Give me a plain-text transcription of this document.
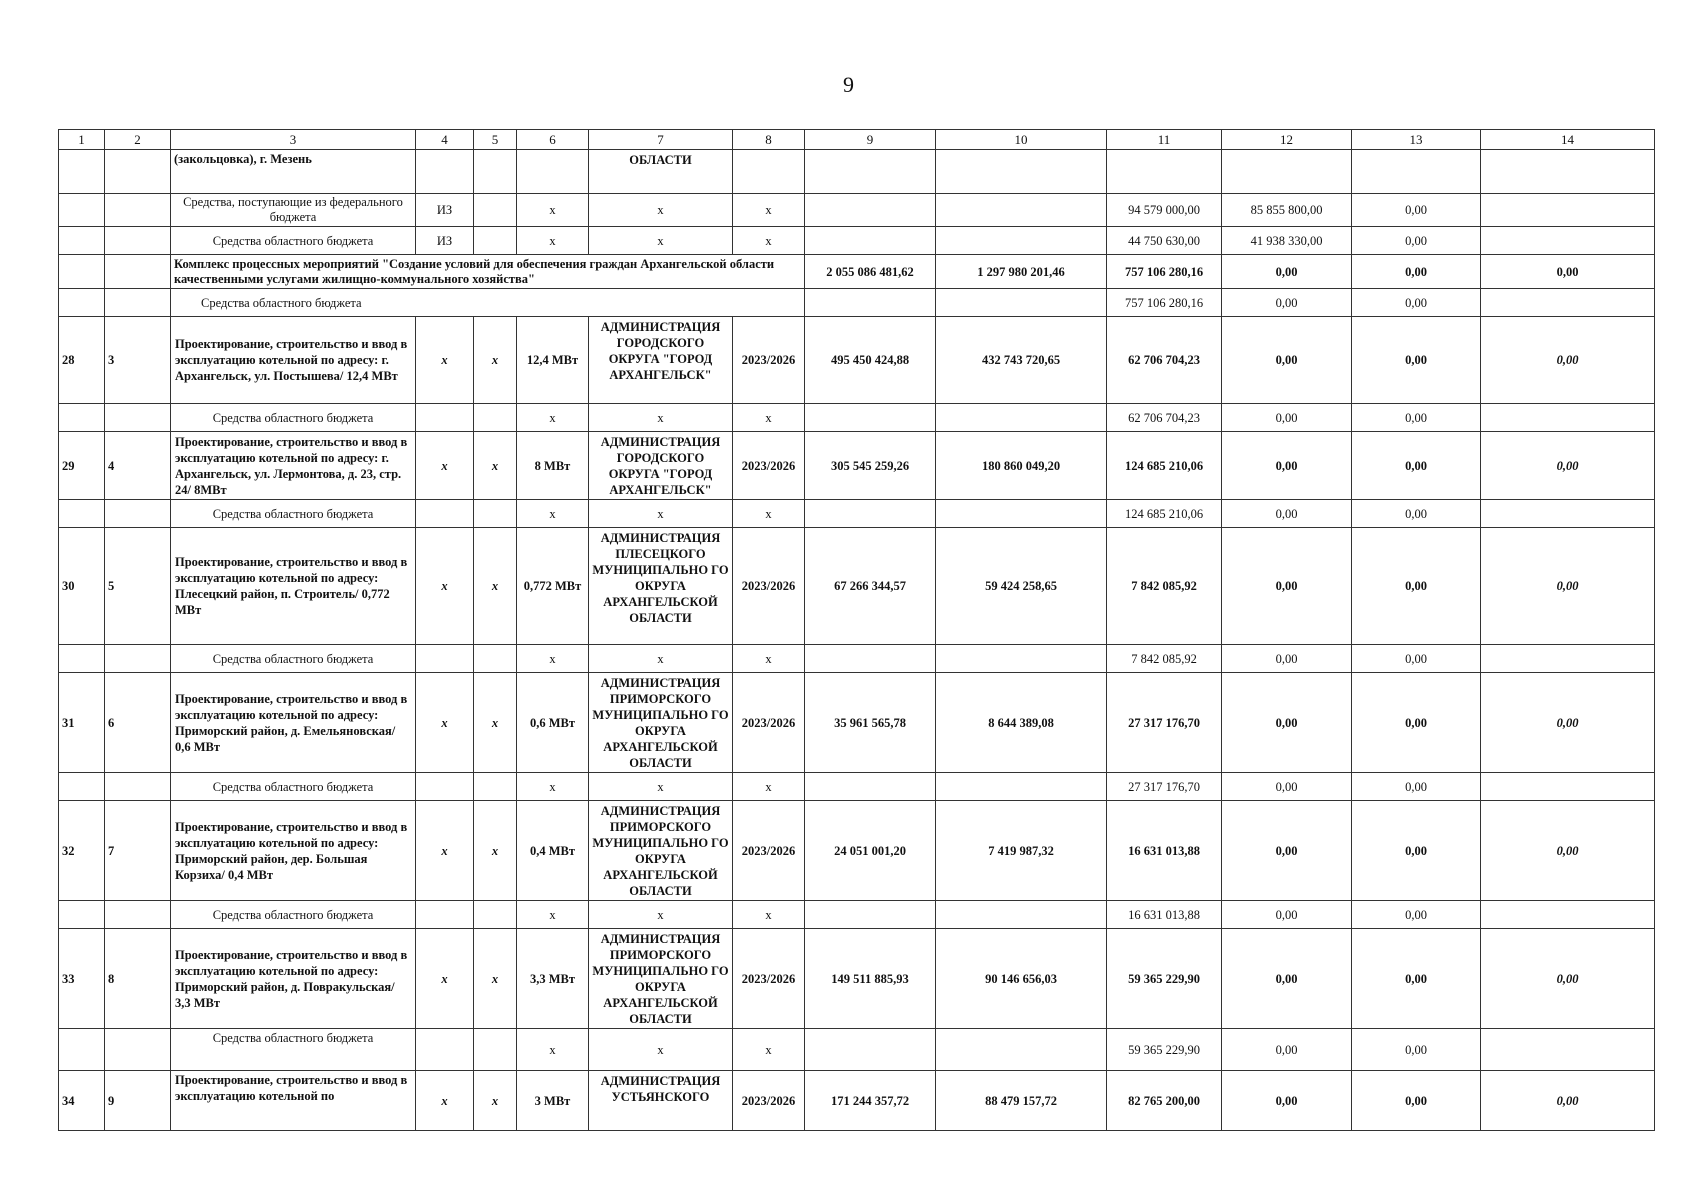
9
1	2	3	4	5	6	7	8	9	10	11	12	13	14
		(закольцовка), г. Мезень				ОБЛАСТИ							
		Средства, поступающие из федерального бюджета	ИЗ		x	x	x			94 579 000,00	85 855 800,00	0,00	
		Средства областного бюджета	ИЗ		x	x	x			44 750 630,00	41 938 330,00	0,00	
		Комплекс процессных мероприятий "Создание условий для обеспечения граждан Архангельской области качественными услугами жилищно-коммунального хозяйства"						2 055 086 481,62	1 297 980 201,46	757 106 280,16	0,00	0,00	0,00
		Средства областного бюджета								757 106 280,16	0,00	0,00	
28	3	Проектирование, строительство и ввод в эксплуатацию котельной по адресу: г. Архангельск, ул. Постышева/ 12,4 МВт	x	x	12,4 МВт	АДМИНИСТРАЦИЯ ГОРОДСКОГО ОКРУГА "ГОРОД АРХАНГЕЛЬСК"	2023/2026	495 450 424,88	432 743 720,65	62 706 704,23	0,00	0,00	0,00
		Средства областного бюджета			x	x	x			62 706 704,23	0,00	0,00	
29	4	Проектирование, строительство и ввод в эксплуатацию котельной по адресу: г. Архангельск, ул. Лермонтова, д. 23, стр. 24/ 8МВт	x	x	8 МВт	АДМИНИСТРАЦИЯ ГОРОДСКОГО ОКРУГА "ГОРОД АРХАНГЕЛЬСК"	2023/2026	305 545 259,26	180 860 049,20	124 685 210,06	0,00	0,00	0,00
		Средства областного бюджета			x	x	x			124 685 210,06	0,00	0,00	
30	5	Проектирование, строительство и ввод в эксплуатацию котельной по адресу: Плесецкий район, п. Строитель/ 0,772 МВт	x	x	0,772 МВт	АДМИНИСТРАЦИЯ ПЛЕСЕЦКОГО МУНИЦИПАЛЬНО ГО ОКРУГА АРХАНГЕЛЬСКОЙ ОБЛАСТИ	2023/2026	67 266 344,57	59 424 258,65	7 842 085,92	0,00	0,00	0,00
		Средства областного бюджета			x	x	x			7 842 085,92	0,00	0,00	
31	6	Проектирование, строительство и ввод в эксплуатацию котельной по адресу: Приморский район, д. Емельяновская/ 0,6 МВт	x	x	0,6 МВт	АДМИНИСТРАЦИЯ ПРИМОРСКОГО МУНИЦИПАЛЬНО ГО ОКРУГА АРХАНГЕЛЬСКОЙ ОБЛАСТИ	2023/2026	35 961 565,78	8 644 389,08	27 317 176,70	0,00	0,00	0,00
		Средства областного бюджета			x	x	x			27 317 176,70	0,00	0,00	
32	7	Проектирование, строительство и ввод в эксплуатацию котельной по адресу: Приморский район, дер. Большая Корзиха/ 0,4 МВт	x	x	0,4 МВт	АДМИНИСТРАЦИЯ ПРИМОРСКОГО МУНИЦИПАЛЬНО ГО ОКРУГА АРХАНГЕЛЬСКОЙ ОБЛАСТИ	2023/2026	24 051 001,20	7 419 987,32	16 631 013,88	0,00	0,00	0,00
		Средства областного бюджета			x	x	x			16 631 013,88	0,00	0,00	
33	8	Проектирование, строительство и ввод в эксплуатацию котельной по адресу: Приморский район, д. Повракульская/ 3,3 МВт	x	x	3,3 МВт	АДМИНИСТРАЦИЯ ПРИМОРСКОГО МУНИЦИПАЛЬНО ГО ОКРУГА АРХАНГЕЛЬСКОЙ ОБЛАСТИ	2023/2026	149 511 885,93	90 146 656,03	59 365 229,90	0,00	0,00	0,00
		Средства областного бюджета			x	x	x			59 365 229,90	0,00	0,00	
34	9	Проектирование, строительство и ввод в эксплуатацию котельной по	x	x	3 МВт	АДМИНИСТРАЦИЯ УСТЬЯНСКОГО	2023/2026	171 244 357,72	88 479 157,72	82 765 200,00	0,00	0,00	0,00
